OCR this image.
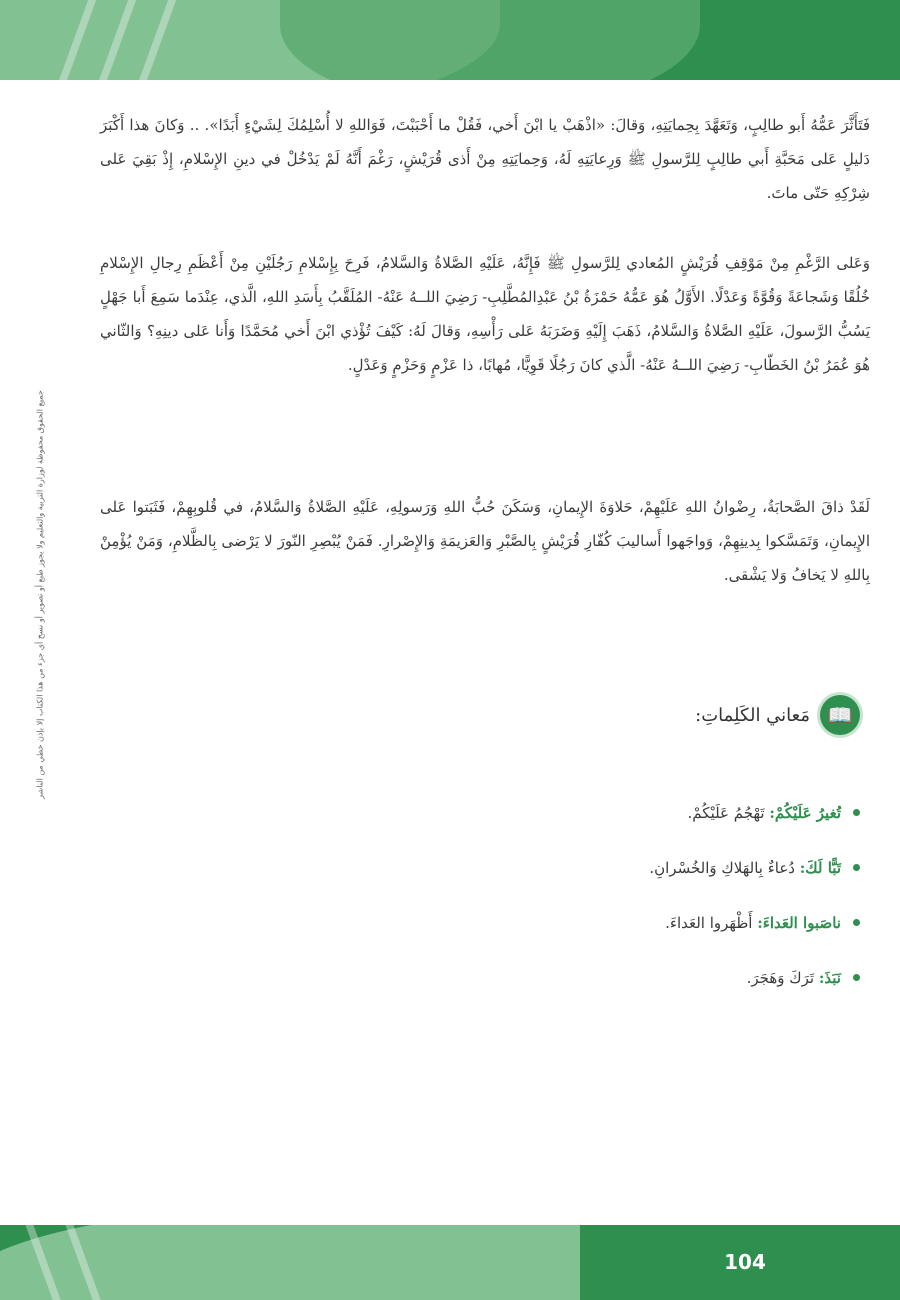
جميع الحقوق محفوظة لوزارة التربية والتعليم ولا يجوز طبع أو تصوير أو نسخ أي جزء من هذا الكتاب إلا بإذن خطي من الناشر

فَتَأَثَّرَ عَمُّهُ أَبو طالِبٍ، وَتَعَهَّدَ بِحِمايَتِهِ، وَقالَ: «اذْهَبْ يا ابْنَ أَخي، فَقُلْ ما أَحْبَبْتَ، فَوَاللهِ لا أُسْلِمُكَ لِشَيْءٍ أَبَدًا». .. وَكانَ هذا أَكْبَرَ دَليلٍ عَلى مَحَبَّةِ أَبي طالِبٍ لِلرَّسولِ ﷺ وَرِعايَتِهِ لَهُ، وَحِمايَتِهِ مِنْ أَذى قُرَيْشٍ، رَغْمَ أَنَّهُ لَمْ يَدْخُلْ في دينِ الإِسْلامِ، إِذْ بَقِيَ عَلى شِرْكِهِ حَتّى ماتَ.

وَعَلى الرَّغْمِ مِنْ مَوْقِفِ قُرَيْشٍ المُعادي لِلرَّسولِ ﷺ فَإِنَّهُ، عَلَيْهِ الصَّلاةُ وَالسَّلامُ، فَرِحَ بِإِسْلامِ رَجُلَيْنِ مِنْ أَعْظَمِ رِجالِ الإِسْلامِ خُلُقًا وَشَجاعَةً وَقُوَّةً وَعَدْلًا. الأَوَّلُ هُوَ عَمُّهُ حَمْزَةُ بْنُ عَبْدِالمُطَّلِبِ- رَضِيَ اللــهُ عَنْهُ- المُلَقَّبُ بِأَسَدِ اللهِ، الَّذي، عِنْدَما سَمِعَ أَبا جَهْلٍ يَسُبُّ الرَّسولَ، عَلَيْهِ الصَّلاةُ وَالسَّلامُ، ذَهَبَ إِلَيْهِ وَضَرَبَهُ عَلى رَأْسِهِ، وَقالَ لَهُ: كَيْفَ تُؤْذي ابْنَ أَخي مُحَمَّدًا وَأَنا عَلى دينِهِ؟ وَالثّاني هُوَ عُمَرُ بْنُ الخَطّابِ- رَضِيَ اللــهُ عَنْهُ- الَّذي كانَ رَجُلًا قَوِيًّا، مُهابًا، ذا عَزْمٍ وَحَزْمٍ وَعَدْلٍ.

لَقَدْ ذاقَ الصَّحابَةُ، رِضْوانُ اللهِ عَلَيْهِمْ، حَلاوَةَ الإِيمانِ، وَسَكَنَ حُبُّ اللهِ وَرَسولِهِ، عَلَيْهِ الصَّلاةُ وَالسَّلامُ، في قُلوبِهِمْ، فَثَبَتوا عَلى الإِيمانِ، وَتَمَسَّكوا بِدينِهِمْ، وَواجَهوا أَساليبَ كُفّارِ قُرَيْشٍ بِالصَّبْرِ وَالعَزيمَةِ وَالإِصْرارِ. فَمَنْ يُبْصِرِ النّورَ لا يَرْضى بِالظَّلامِ، وَمَنْ يُؤْمِنْ بِاللهِ لا يَخافُ وَلا يَشْقى.

📖
مَعاني الكَلِماتِ:
تُغيرُ عَلَيْكُمْ:

تَهْجُمُ عَلَيْكُمْ.
تَبًّا لَكَ:

دُعاءٌ بِالهَلاكِ وَالخُسْرانِ.
ناصَبوا العَداءَ:

أَظْهَروا العَداءَ.
نَبَذَ:

تَرَكَ وَهَجَرَ.
104
